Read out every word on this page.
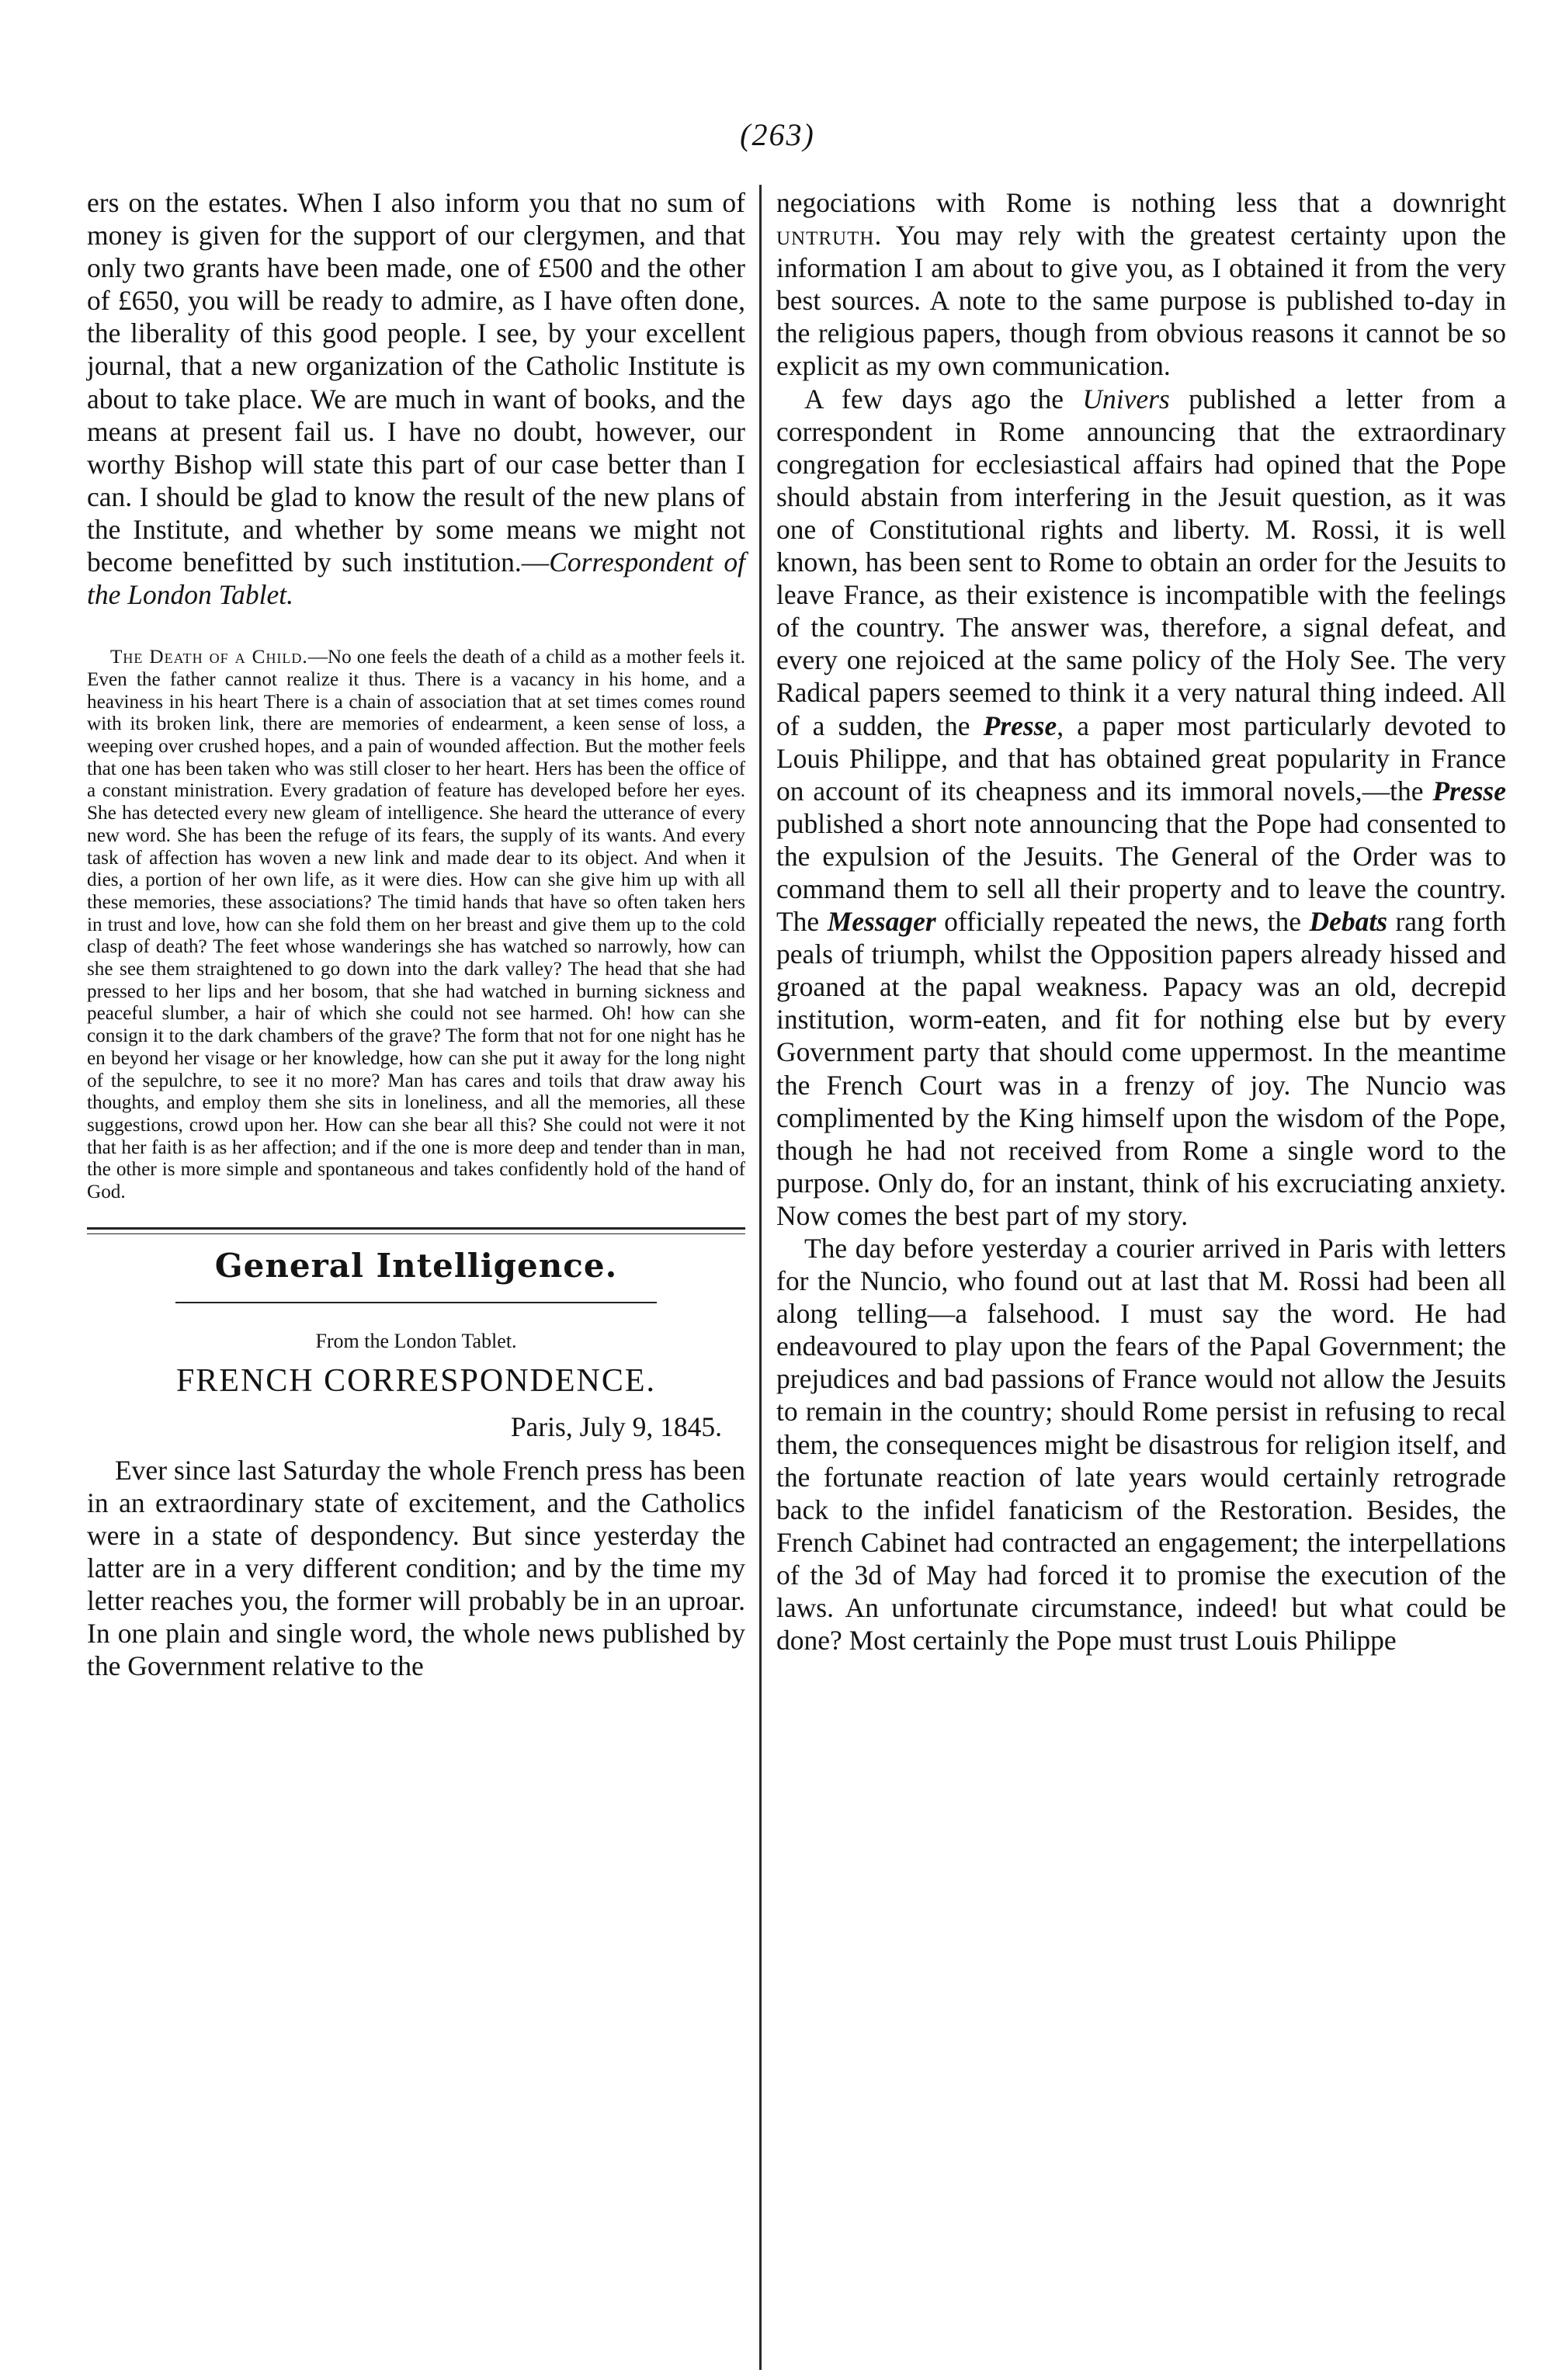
(263)

ers on the estates. When I also inform you that no sum of money is given for the support of our clergymen, and that only two grants have been made, one of £500 and the other of £650, you will be ready to admire, as I have often done, the liberality of this good people. I see, by your excellent journal, that a new organization of the Catholic Institute is about to take place. We are much in want of books, and the means at present fail us. I have no doubt, however, our worthy Bishop will state this part of our case better than I can. I should be glad to know the result of the new plans of the Institute, and whether by some means we might not become benefitted by such institution.—Correspondent of the London Tablet.

The Death of a Child.—No one feels the death of a child as a mother feels it. Even the father cannot realize it thus. There is a vacancy in his home, and a heaviness in his heart There is a chain of association that at set times comes round with its broken link, there are memories of endearment, a keen sense of loss, a weeping over crushed hopes, and a pain of wounded affection. But the mother feels that one has been taken who was still closer to her heart. Hers has been the office of a constant ministration. Every gradation of feature has developed before her eyes. She has detected every new gleam of intelligence. She heard the utterance of every new word. She has been the refuge of its fears, the supply of its wants. And every task of affection has woven a new link and made dear to its object. And when it dies, a portion of her own life, as it were dies. How can she give him up with all these memories, these associations? The timid hands that have so often taken hers in trust and love, how can she fold them on her breast and give them up to the cold clasp of death? The feet whose wanderings she has watched so narrowly, how can she see them straightened to go down into the dark valley? The head that she had pressed to her lips and her bosom, that she had watched in burning sickness and peaceful slumber, a hair of which she could not see harmed. Oh! how can she consign it to the dark chambers of the grave? The form that not for one night has he en beyond her visage or her knowledge, how can she put it away for the long night of the sepulchre, to see it no more? Man has cares and toils that draw away his thoughts, and employ them she sits in loneliness, and all the memories, all these suggestions, crowd upon her. How can she bear all this? She could not were it not that her faith is as her affection; and if the one is more deep and tender than in man, the other is more simple and spontaneous and takes confidently hold of the hand of God.

General Intelligence.
From the London Tablet.
FRENCH CORRESPONDENCE.
Paris, July 9, 1845.

Ever since last Saturday the whole French press has been in an extraordinary state of excitement, and the Catholics were in a state of despondency. But since yesterday the latter are in a very different condition; and by the time my letter reaches you, the former will probably be in an uproar. In one plain and single word, the whole news published by the Government relative to the

negociations with Rome is nothing less that a downright untruth. You may rely with the greatest certainty upon the information I am about to give you, as I obtained it from the very best sources. A note to the same purpose is published to-day in the religious papers, though from obvious reasons it cannot be so explicit as my own communication.

A few days ago the Univers published a letter from a correspondent in Rome announcing that the extraordinary congregation for ecclesiastical affairs had opined that the Pope should abstain from interfering in the Jesuit question, as it was one of Constitutional rights and liberty. M. Rossi, it is well known, has been sent to Rome to obtain an order for the Jesuits to leave France, as their existence is incompatible with the feelings of the country. The answer was, therefore, a signal defeat, and every one rejoiced at the same policy of the Holy See. The very Radical papers seemed to think it a very natural thing indeed. All of a sudden, the Presse, a paper most particularly devoted to Louis Philippe, and that has obtained great popularity in France on account of its cheapness and its immoral novels,—the Presse published a short note announcing that the Pope had consented to the expulsion of the Jesuits. The General of the Order was to command them to sell all their property and to leave the country. The Messager officially repeated the news, the Debats rang forth peals of triumph, whilst the Opposition papers already hissed and groaned at the papal weakness. Papacy was an old, decrepid institution, worm-eaten, and fit for nothing else but by every Government party that should come uppermost. In the meantime the French Court was in a frenzy of joy. The Nuncio was complimented by the King himself upon the wisdom of the Pope, though he had not received from Rome a single word to the purpose. Only do, for an instant, think of his excruciating anxiety. Now comes the best part of my story.

The day before yesterday a courier arrived in Paris with letters for the Nuncio, who found out at last that M. Rossi had been all along telling—a falsehood. I must say the word. He had endeavoured to play upon the fears of the Papal Government; the prejudices and bad passions of France would not allow the Jesuits to remain in the country; should Rome persist in refusing to recal them, the consequences might be disastrous for religion itself, and the fortunate reaction of late years would certainly retrograde back to the infidel fanaticism of the Restoration. Besides, the French Cabinet had contracted an engagement; the interpellations of the 3d of May had forced it to promise the execution of the laws. An unfortunate circumstance, indeed! but what could be done? Most certainly the Pope must trust Louis Philippe
